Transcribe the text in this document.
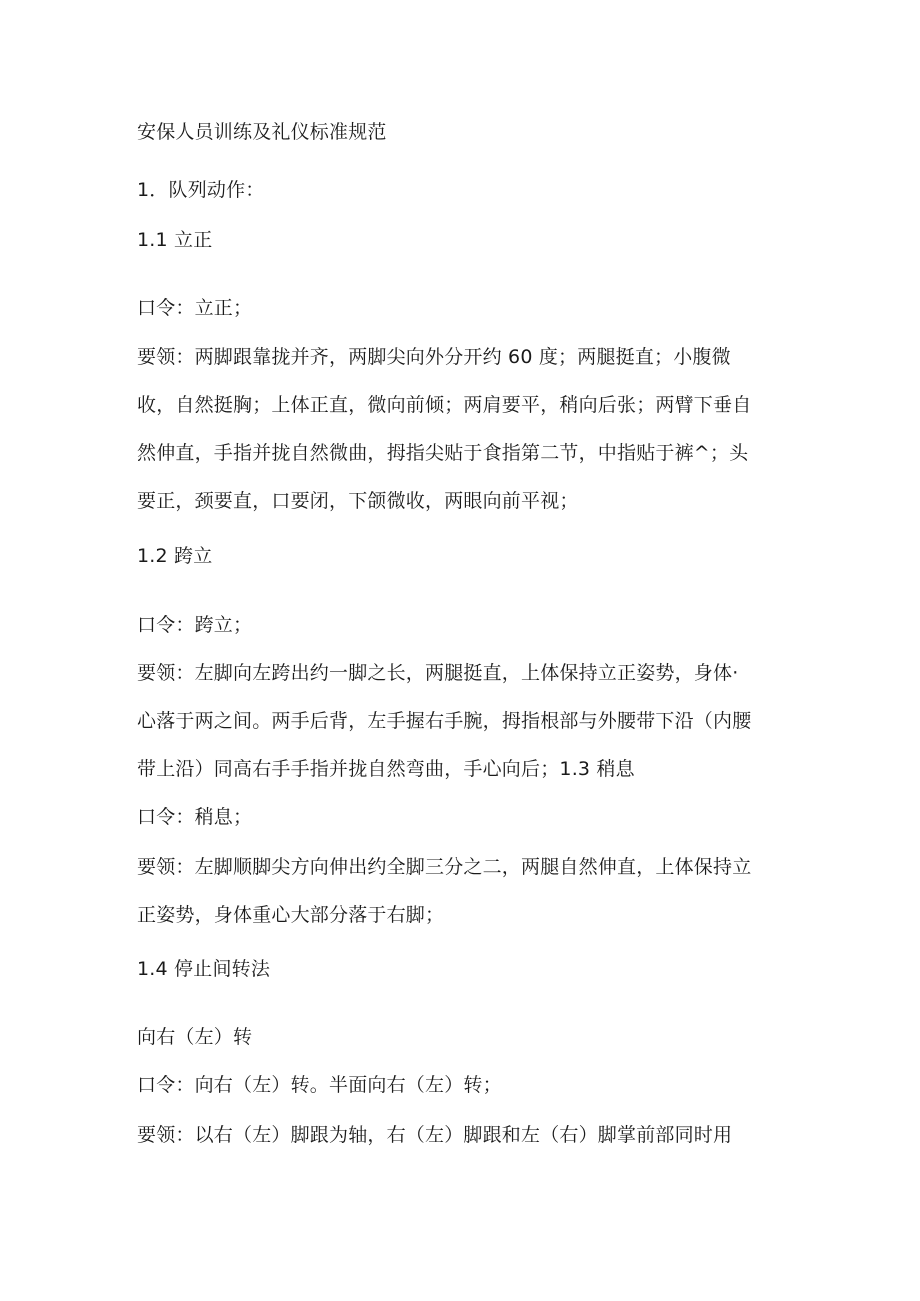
安保人员训练及礼仪标准规范
1．队列动作：
1.1 立正
口令：立正；
要领：两脚跟靠拢并齐，两脚尖向外分开约 60 度；两腿挺直；小腹微
收，自然挺胸；上体正直，微向前倾；两肩要平，稍向后张；两臂下垂自
然伸直，手指并拢自然微曲，拇指尖贴于食指第二节，中指贴于裤^；头
要正，颈要直，口要闭，下颌微收，两眼向前平视；
1.2 跨立
口令：跨立；
要领：左脚向左跨出约一脚之长，两腿挺直，上体保持立正姿势，身体·
心落于两之间。两手后背，左手握右手腕，拇指根部与外腰带下沿（内腰
带上沿）同高右手手指并拢自然弯曲，手心向后；1.3 稍息
口令：稍息；
要领：左脚顺脚尖方向伸出约全脚三分之二，两腿自然伸直，上体保持立
正姿势，身体重心大部分落于右脚；
1.4 停止间转法
向右（左）转
口令：向右（左）转。半面向右（左）转；
要领：以右（左）脚跟为轴，右（左）脚跟和左（右）脚掌前部同时用
